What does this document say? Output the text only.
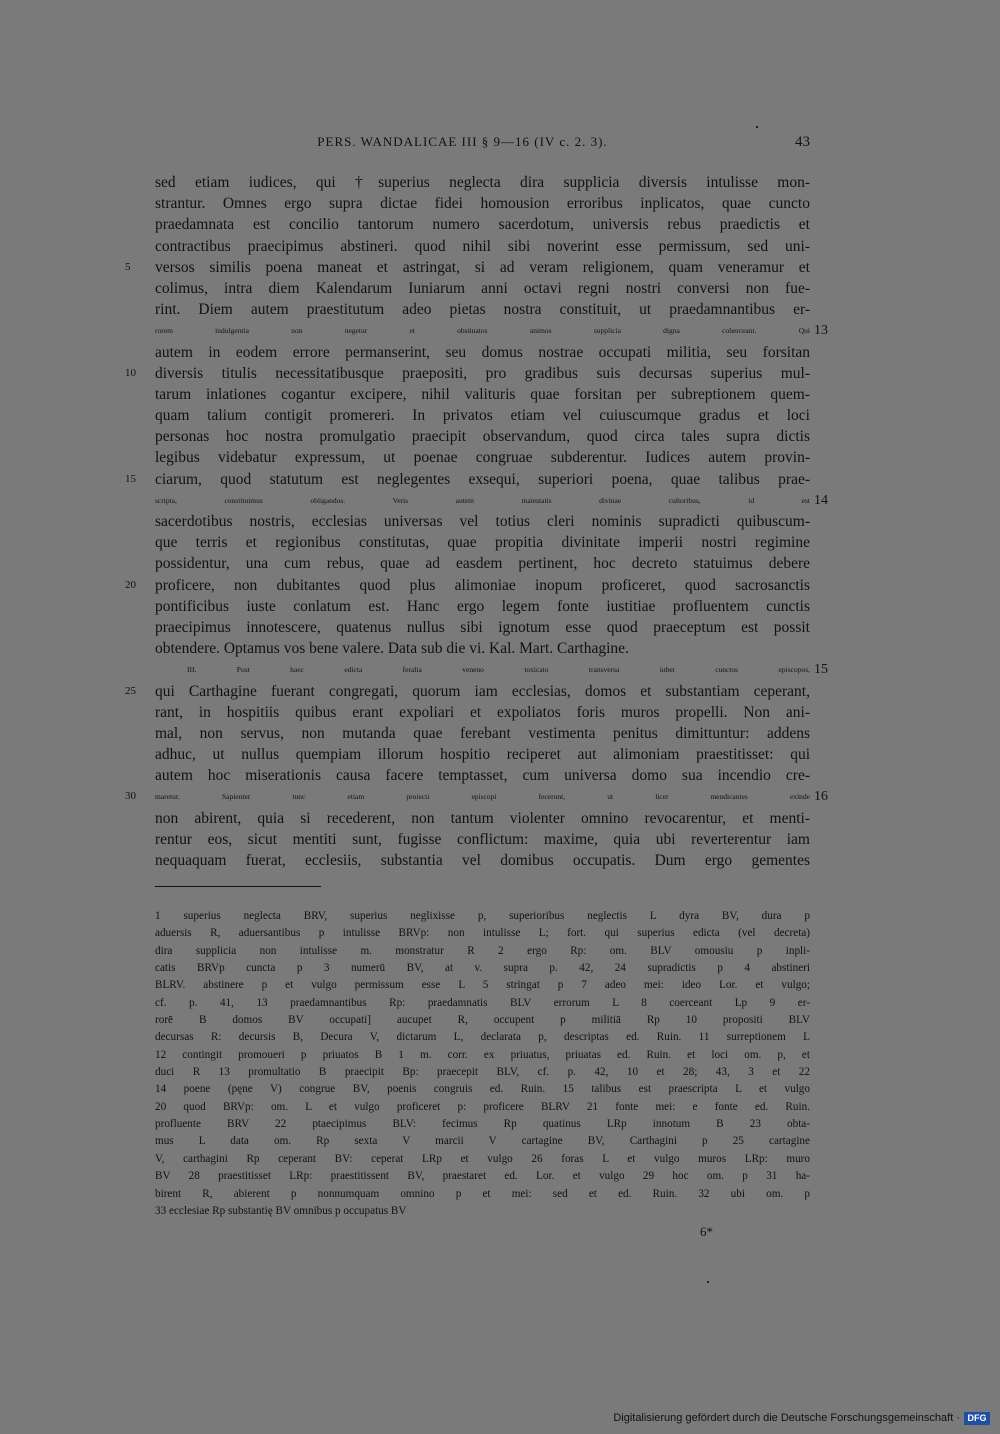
PERS. WANDALICAE III § 9—16 (IV c. 2. 3).	43
sed etiam iudices, qui †superius neglecta dira supplicia diversis intulisse mon-
strantur. Omnes ergo supra dictae fidei homousion erroribus inplicatos, quae cuncto
praedamnata est concilio tantorum numero sacerdotum, universis rebus praedictis et
contractibus praecipimus abstineri. quod nihil sibi noverint esse permissum, sed uni-
versos similis poena maneat et astringat, si ad veram religionem, quam veneramur et
5
colimus, intra diem Kalendarum Iuniarum anni octavi regni nostri conversi non fue-
rint. Diem autem praestitutum adeo pietas nostra constituit, ut praedamnantibus er-
rorem indulgentia non negetur et obstinatos animos supplicia digna coherceant. Qui 13
autem in eodem errore permanserint, seu domus nostrae occupati militia, seu forsitan
diversis titulis necessitatibusque praepositi, pro gradibus suis decursas superius mul-
10
tarum inlationes cogantur excipere, nihil valituris quae forsitan per subreptionem quem-
quam talium contigit promereri. In privatos etiam vel cuiuscumque gradus et loci
personas hoc nostra promulgatio praecipit observandum, quod circa tales supra dictis
legibus videbatur expressum, ut poenae congruae subderentur. Iudices autem provin-
ciarum, quod statutum est neglegentes exsequi, superiori poena, quae talibus prae-
15
scripta, constituimus obligandos. Veris autem maiestatis divinae cultoribus, id est 14
sacerdotibus nostris, ecclesias universas vel totius cleri nominis supradicti quibuscum-
que terris et regionibus constitutas, quae propitia divinitate imperii nostri regimine
possidentur, una cum rebus, quae ad easdem pertinent, hoc decreto statuimus debere
proficere, non dubitantes quod plus alimoniae inopum proficeret, quod sacrosanctis
20
pontificibus iuste conlatum est. Hanc ergo legem fonte iustitiae profluentem cunctis
praecipimus innotescere, quatenus nullus sibi ignotum esse quod praeceptum est possit
obtendere. Optamus vos bene valere. Data sub die vi. Kal. Mart. Carthagine.
III. Post haec edicta feralia veneno toxicato transversa iubet cunctos episcopos, 15
qui Carthagine fuerant congregati, quorum iam ecclesias, domos et substantiam ceperant,
25
rant, in hospitiis quibus erant expoliari et expoliatos foris muros propelli. Non ani-
mal, non servus, non mutanda quae ferebant vestimenta penitus dimittuntur: addens
adhuc, ut nullus quempiam illorum hospitio reciperet aut alimoniam praestitisset: qui
autem hoc miserationis causa facere temptasset, cum universa domo sua incendio cre-
maretur. Sapienter tunc etiam proiecti episcopi fecerunt, ut licet mendicantes exinde
30	16
non abirent, quia si recederent, non tantum violenter omnino revocarentur, et menti-
rentur eos, sicut mentiti sunt, fugisse conflictum: maxime, quia ubi reverterentur iam
nequaquam fuerat, ecclesiis, substantia vel domibus occupatis. Dum ergo gementes
1 superius neglecta BRV, superius neglixisse p, superioribus neglectis L dyra BV, dura p
aduersis R, aduersantibus p intulisse BRVp: non intulisse L; fort. qui superius edicta (vel decreta)
dira supplicia non intulisse m. monstratur R 2 ergo Rp: om. BLV omousiu p inpli-
catis BRVp cuncta p 3 numerū BV, at v. supra p. 42, 24 supradictis p 4 abstineri
BLRV. abstinere p et vulgo permissum esse L 5 stringat p 7 adeo mei: ideo Lor. et vulgo;
cf. p. 41, 13 praedamnantibus Rp: praedamnatis BLV errorum L 8 coerceant Lp 9 er-
rorē B domos BV occupati] aucupet R, occupent p militiā Rp 10 propositi BLV
decursas R: decursis B, Decura V, dictarum L, declarata p, descriptas ed. Ruin. 11 surreptionem L
12 contingit promoueri p priuatos B 1 m. corr. ex priuatus, priuatas ed. Ruin. et loci om. p, et
duci R 13 promultatio B praecipit Bp: praecepit BLV, cf. p. 42, 10 et 28; 43, 3 et 22
14 poene (pęne V) congrue BV, poenis congruis ed. Ruin. 15 talibus est praescripta L et vulgo
20 quod BRVp: om. L et vulgo proficeret p: proficere BLRV 21 fonte mei: e fonte ed. Ruin.
profluente BRV 22 ptaecipimus BLV: fecimus Rp quatinus LRp innotum B 23 obta-
mus L data om. Rp sexta V marcii V cartagine BV, Carthagini p 25 cartagine
V, carthagini Rp ceperant BV: ceperat LRp et vulgo 26 foras L et vulgo muros LRp: muro
BV 28 praestitisset LRp: praestitissent BV, praestaret ed. Lor. et vulgo 29 hoc om. p 31 ha-
birent R, abierent p nonnumquam omnino p et mei: sed et ed. Ruin. 32 ubi om. p
33 ecclesiae Rp substantię BV omnibus p occupatus BV
6*
Digitalisierung gefördert durch die Deutsche Forschungsgemeinschaft · DFG
